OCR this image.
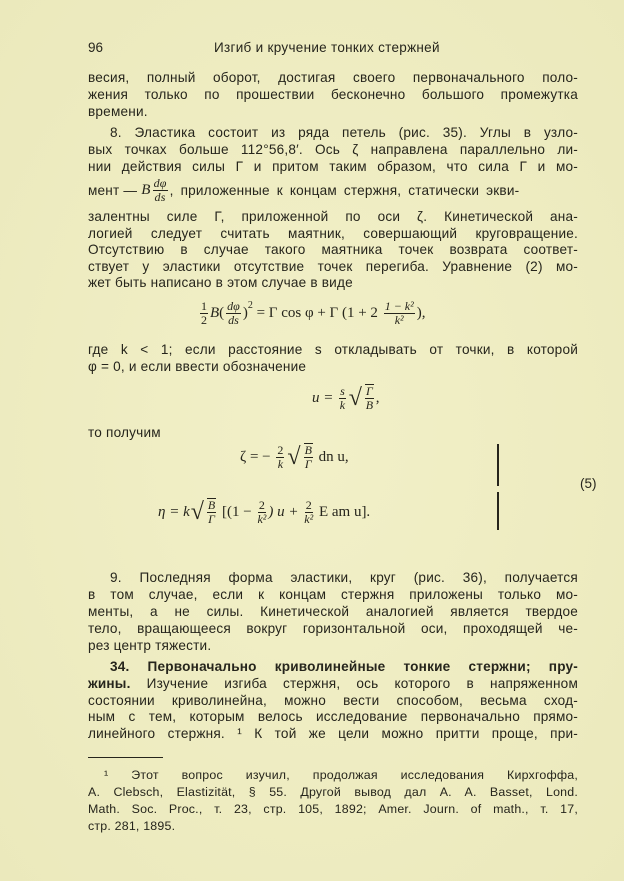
96	Изгиб и кручение тонких стержней
весия, полный оборот, достигая своего первоначального поло-
жения только по прошествии бесконечно большого промежутка
времени.
8. Эластика состоит из ряда петель (рис. 35). Углы в узло-
вых точках больше 112°56,8′. Ось ζ направлена параллельно ли-
нии действия силы Γ и притом таким образом, что сила Γ и мо-
мент — B $\frac{d\varphi}{ds}$ , приложенные к концам стержня, статически экви-
залентны силе Γ, приложенной по оси ζ. Кинетической ана-
логией следует считать маятник, совершающий круговращение.
Отсутствию в случае такого маятника точек возврата соответ-
ствует у эластики отсутствие точек перегиба. Уравнение (2) мо-
жет быть написано в этом случае в виде
1
2 B ( dφ
ds )$^2$ = Γ cos φ + Γ (1 + 2 1 − k²
k² ),
где k < 1; если расстояние s откладывать от точки, в которой
φ = 0, и если ввести обозначение
$u = \frac{s}{k}$ √ Γ
B ,
то получим
ζ = − $\frac{2}{k}$ √ B
Γ dn u,
η = k √ B
Γ [($1 - \frac{2}{\text{k²}}$ ) $u + \frac{2}{\text{k²}}$ E am u].
(5)
9. Последняя форма эластики, круг (рис. 36), получается
в том случае, если к концам стержня приложены только мо-
менты, а не силы. Кинетической аналогией является твердое
тело, вращающееся вокруг горизонтальной оси, проходящей че-
рез центр тяжести.
34. Первоначально криволинейные тонкие стержни; пру-
жины. Изучение изгиба стержня, ось которого в напряженном
состоянии криволинейна, можно вести способом, весьма сход-
ным с тем, которым велось исследование первоначально прямо-
линейного стержня. ¹ К той же цели можно притти проще, при-
¹ Этот вопрос изучил, продолжая исследования Кирхгоффа,
A. Clebsch, Elastizität, § 55. Другой вывод дал A. A. Basset, Lond.
Math. Soc. Proc., т. 23, стр. 105, 1892; Amer. Journ. of math., т. 17,
стр. 281, 1895.
